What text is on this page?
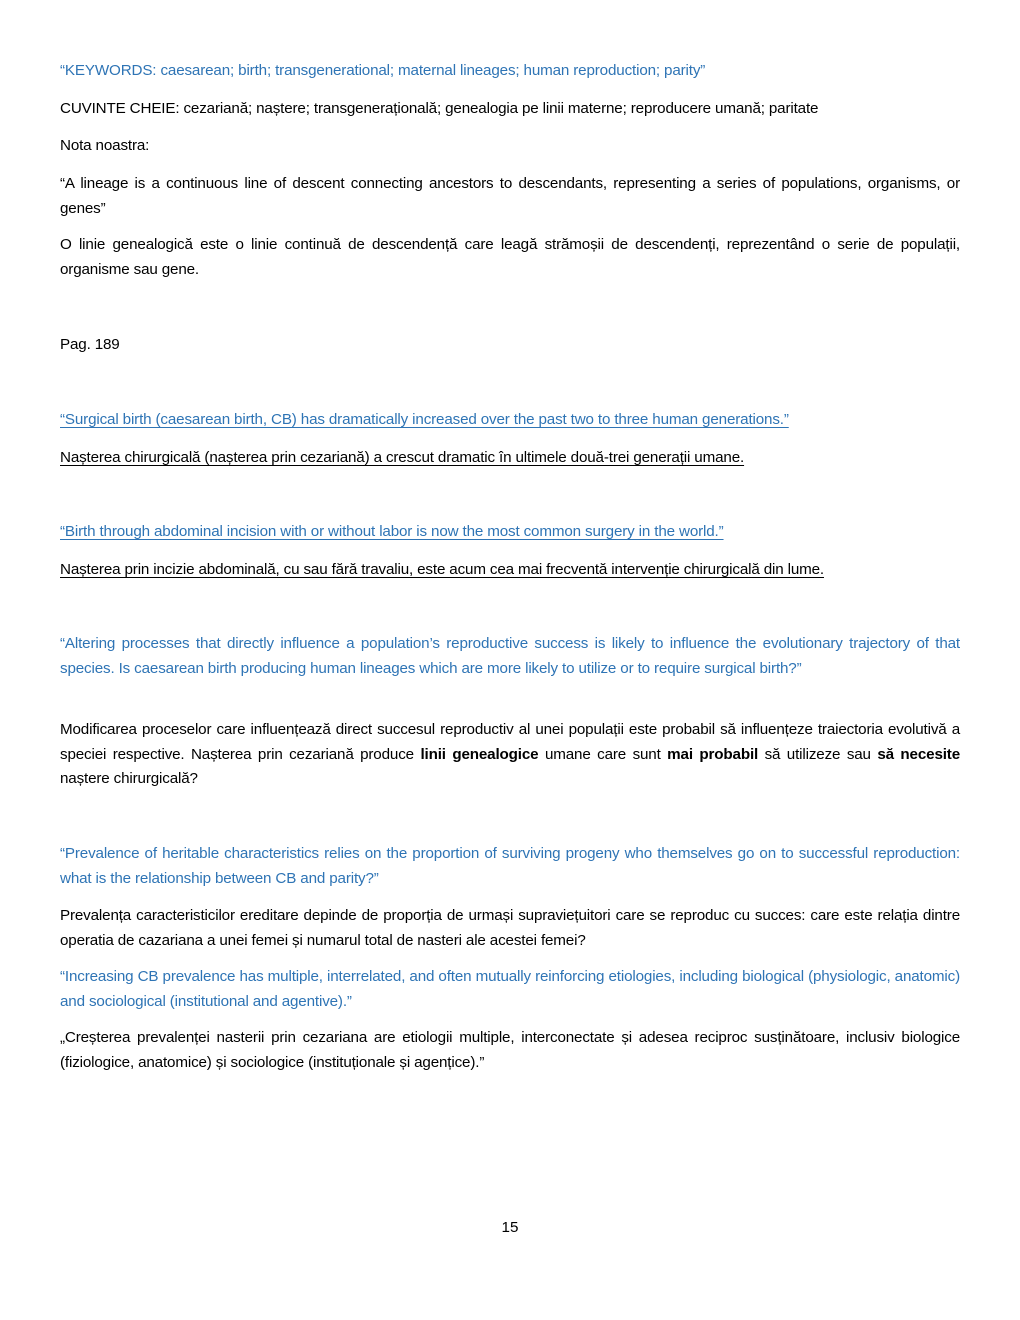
“KEYWORDS: caesarean; birth; transgenerational; maternal lineages; human reproduction; parity”

CUVINTE CHEIE: cezariană; naștere; transgenerațională; genealogia pe linii materne; reproducere umană; paritate

Nota noastra:

“A lineage is a continuous line of descent connecting ancestors to descendants, representing a series of populations, organisms, or genes”

O linie genealogică este o linie continuă de descendență care leagă strămoșii de descendenți, reprezentând o serie de populații, organisme sau gene.

Pag. 189

“Surgical birth (caesarean birth, CB) has dramatically increased over the past two to three human generations.”

Nașterea chirurgicală (nașterea prin cezariană) a crescut dramatic în ultimele două-trei generații umane.

“Birth through abdominal incision with or without labor is now the most common surgery in the world.”

Nașterea prin incizie abdominală, cu sau fără travaliu, este acum cea mai frecventă intervenție chirurgicală din lume.

“Altering processes that directly influence a population’s reproductive success is likely to influence the evolutionary trajectory of that species. Is caesarean birth producing human lineages which are more likely to utilize or to require surgical birth?”

Modificarea proceselor care influențează direct succesul reproductiv al unei populații este probabil să influențeze traiectoria evolutivă a speciei respective. Nașterea prin cezariană produce linii genealogice umane care sunt mai probabil să utilizeze sau să necesite naștere chirurgicală?

“Prevalence of heritable characteristics relies on the proportion of surviving progeny who themselves go on to successful reproduction: what is the relationship between CB and parity?”

Prevalența caracteristicilor ereditare depinde de proporția de urmași supraviețuitori care se reproduc cu succes: care este relația dintre operatia de cazariana a unei femei și numarul total de nasteri ale acestei femei?

“Increasing CB prevalence has multiple, interrelated, and often mutually reinforcing etiologies, including biological (physiologic, anatomic) and sociological (institutional and agentive).”

„Creșterea prevalenței nasterii prin cezariana are etiologii multiple, interconectate și adesea reciproc susținătoare, inclusiv biologice (fiziologice, anatomice) și sociologice (instituționale și agențice).”

15
